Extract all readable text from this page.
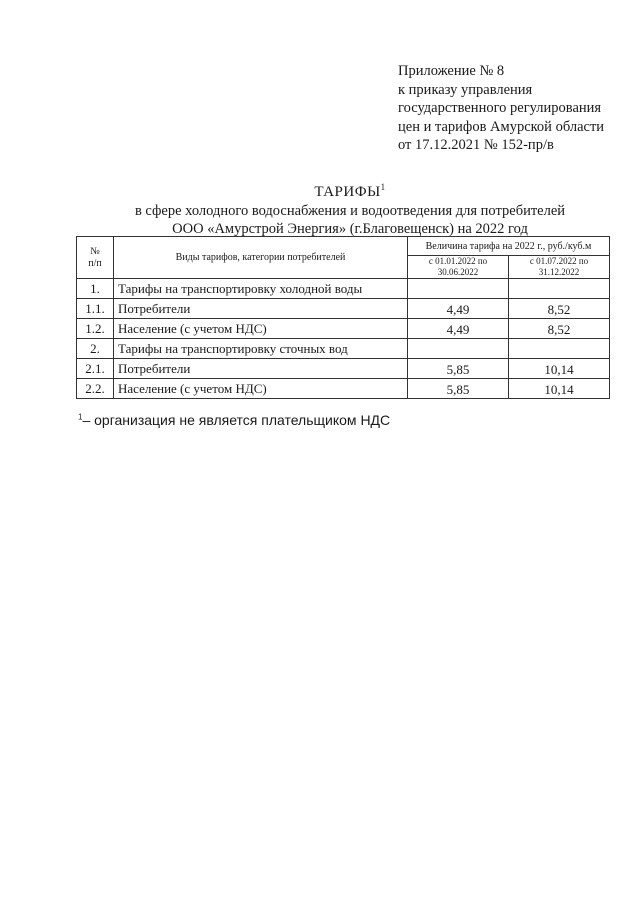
Приложение № 8
к приказу управления
государственного регулирования
цен и тарифов Амурской области
от 17.12.2021 № 152-пр/в
ТАРИФЫ$^1$
в сфере холодного водоснабжения и водоотведения для потребителей
ООО «Амурстрой Энергия» (г.Благовещенск) на 2022 год
№
п/п	Виды тарифов, категории потребителей	Величина тарифа на 2022 г., руб./куб.м	
		с 01.01.2022 по 30.06.2022	с 01.07.2022 по 31.12.2022
1.	Тарифы на транспортировку холодной воды		
1.1.	Потребители	4,49	8,52
1.2.	Население (с учетом НДС)	4,49	8,52
2.	Тарифы на транспортировку сточных вод		
2.1.	Потребители	5,85	10,14
2.2.	Население (с учетом НДС)	5,85	10,14
$^1$– организация не является плательщиком НДС
